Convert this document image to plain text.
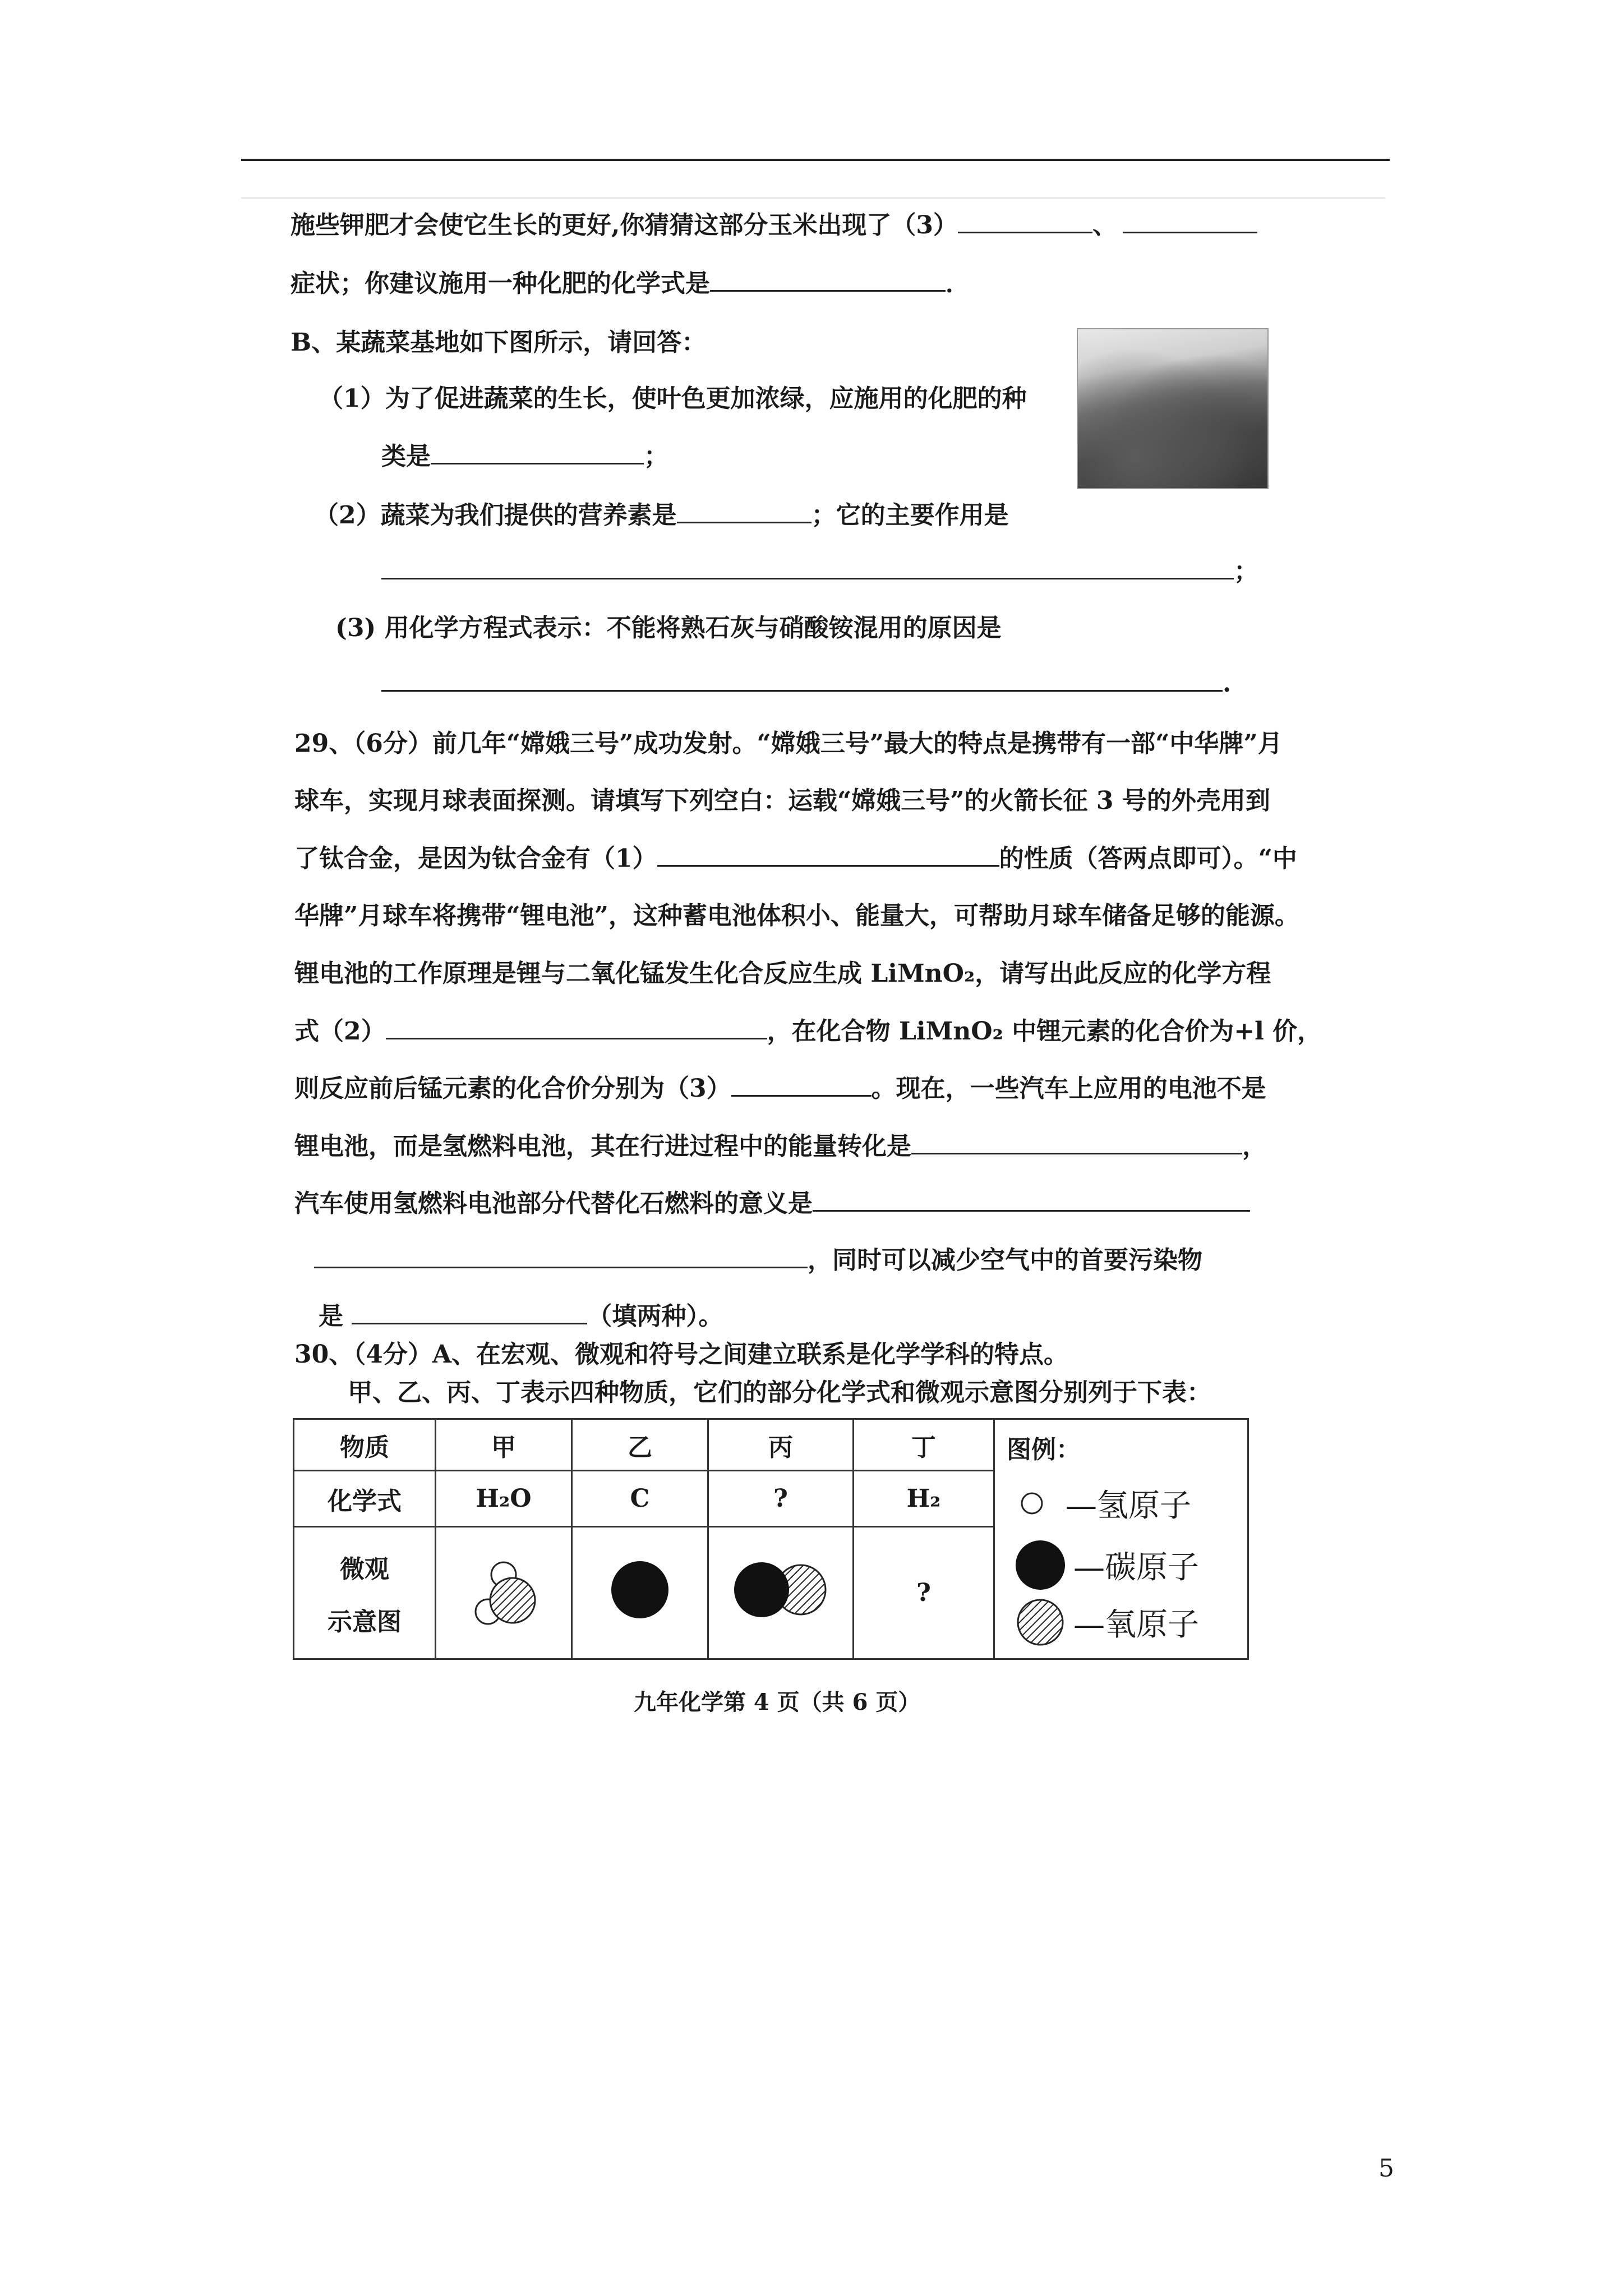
施些钾肥才会使它生长的更好,你猜猜这部分玉米出现了（3）	、
症状；你建议施用一种化肥的化学式是	．
B、某蔬菜基地如下图所示，请回答：
（1）为了促进蔬菜的生长，使叶色更加浓绿，应施用的化肥的种
类是	；
（2）蔬菜为我们提供的营养素是	；它的主要作用是
；
(3) 用化学方程式表示：不能将熟石灰与硝酸铵混用的原因是
.
29、（6分）前几年“嫦娥三号”成功发射。“嫦娥三号”最大的特点是携带有一部“中华牌”月
球车，实现月球表面探测。请填写下列空白：运载“嫦娥三号”的火箭长征 3 号的外壳用到
了钛合金，是因为钛合金有（1）	的性质（答两点即可）。“中
华牌”月球车将携带“锂电池”，这种蓄电池体积小、能量大，可帮助月球车储备足够的能源。
锂电池的工作原理是锂与二氧化锰发生化合反应生成 LiMnO₂，请写出此反应的化学方程
式（2）	，在化合物 LiMnO₂ 中锂元素的化合价为+l 价，
则反应前后锰元素的化合价分别为（3）	。现在，一些汽车上应用的电池不是
锂电池，而是氢燃料电池，其在行进过程中的能量转化是	，
汽车使用氢燃料电池部分代替化石燃料的意义是
，同时可以减少空气中的首要污染物
是	（填两种）。
30、（4分）A、在宏观、微观和符号之间建立联系是化学学科的特点。
甲、乙、丙、丁表示四种物质，它们的部分化学式和微观示意图分别列于下表：
物质	甲	乙	丙	丁	
化学式	H₂O	C	?	H₂	

微观
示意图				?	
图例：
—氢原子
—碳原子
—氧原子
九年化学第 4 页（共 6 页）
5
